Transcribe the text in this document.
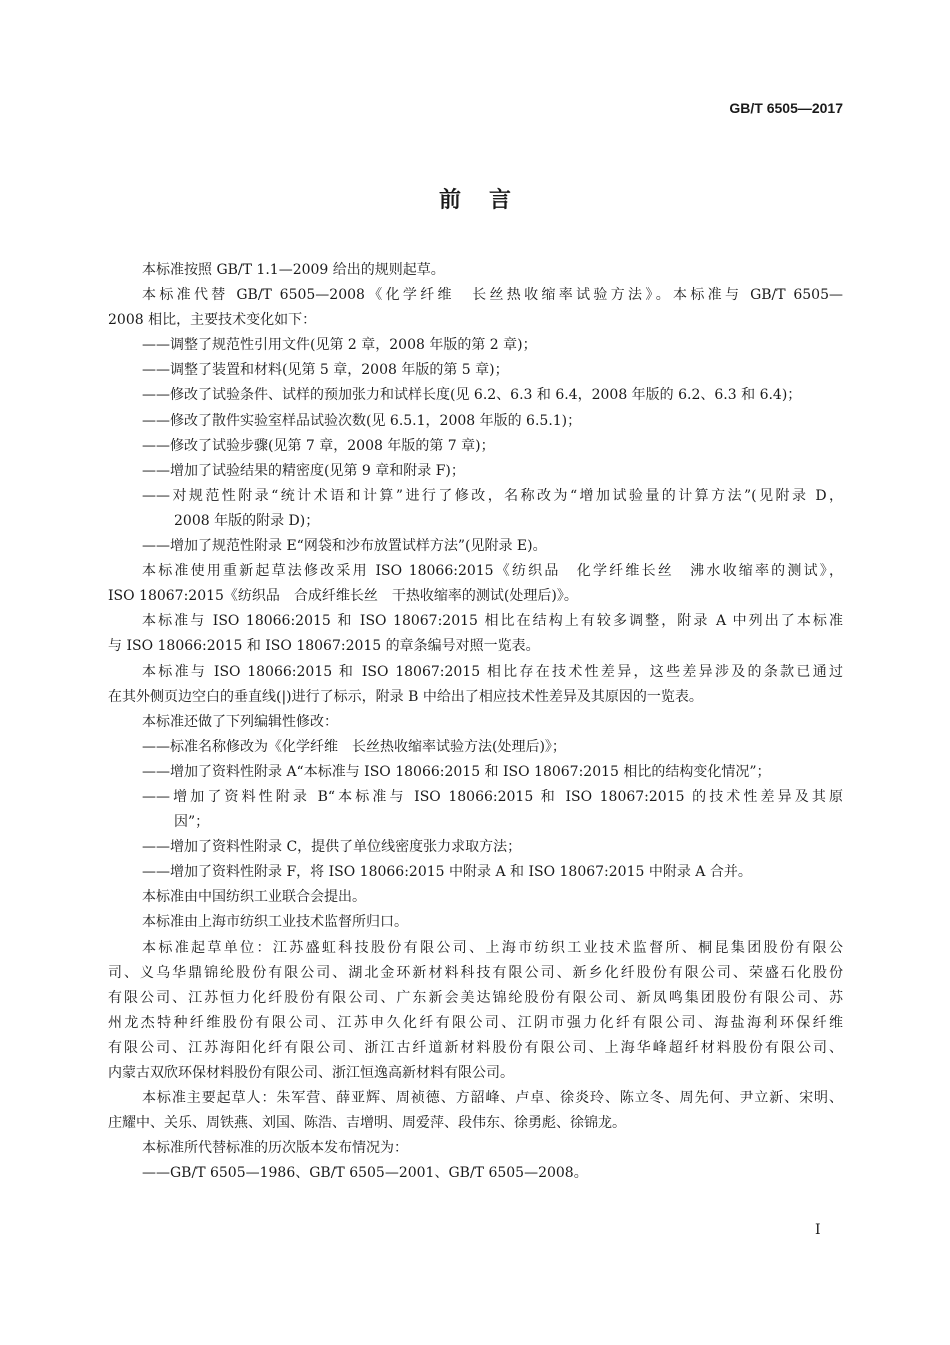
GB/T 6505—2017
前言
本标准按照 GB/T 1.1—2009 给出的规则起草。
本标准代替 GB/T 6505—2008《化学纤维　长丝热收缩率试验方法》。本标准与 GB/T 6505—
2008 相比，主要技术变化如下：
——调整了规范性引用文件(见第 2 章，2008 年版的第 2 章)；
——调整了装置和材料(见第 5 章，2008 年版的第 5 章)；
——修改了试验条件、试样的预加张力和试样长度(见 6.2、6.3 和 6.4，2008 年版的 6.2、6.3 和 6.4)；
——修改了散件实验室样品试验次数(见 6.5.1，2008 年版的 6.5.1)；
——修改了试验步骤(见第 7 章，2008 年版的第 7 章)；
——增加了试验结果的精密度(见第 9 章和附录 F)；
——对规范性附录“统计术语和计算”进行了修改，名称改为“增加试验量的计算方法”(见附录 D，
2008 年版的附录 D)；
——增加了规范性附录 E“网袋和沙布放置试样方法”(见附录 E)。
本标准使用重新起草法修改采用 ISO 18066:2015《纺织品　化学纤维长丝　沸水收缩率的测试》，
ISO 18067:2015《纺织品　合成纤维长丝　干热收缩率的测试(处理后)》。
本标准与 ISO 18066:2015 和 ISO 18067:2015 相比在结构上有较多调整，附录 A 中列出了本标准
与 ISO 18066:2015 和 ISO 18067:2015 的章条编号对照一览表。
本标准与 ISO 18066:2015 和 ISO 18067:2015 相比存在技术性差异，这些差异涉及的条款已通过
在其外侧页边空白的垂直线(|)进行了标示，附录 B 中给出了相应技术性差异及其原因的一览表。
本标准还做了下列编辑性修改：
——标准名称修改为《化学纤维　长丝热收缩率试验方法(处理后)》；
——增加了资料性附录 A“本标准与 ISO 18066:2015 和 ISO 18067:2015 相比的结构变化情况”；
——增加了资料性附录 B“本标准与 ISO 18066:2015 和 ISO 18067:2015 的技术性差异及其原
因”；
——增加了资料性附录 C，提供了单位线密度张力求取方法；
——增加了资料性附录 F，将 ISO 18066:2015 中附录 A 和 ISO 18067:2015 中附录 A 合并。
本标准由中国纺织工业联合会提出。
本标准由上海市纺织工业技术监督所归口。
本标准起草单位：江苏盛虹科技股份有限公司、上海市纺织工业技术监督所、桐昆集团股份有限公
司、义乌华鼎锦纶股份有限公司、湖北金环新材料科技有限公司、新乡化纤股份有限公司、荣盛石化股份
有限公司、江苏恒力化纤股份有限公司、广东新会美达锦纶股份有限公司、新凤鸣集团股份有限公司、苏
州龙杰特种纤维股份有限公司、江苏申久化纤有限公司、江阴市强力化纤有限公司、海盐海利环保纤维
有限公司、江苏海阳化纤有限公司、浙江古纤道新材料股份有限公司、上海华峰超纤材料股份有限公司、
内蒙古双欣环保材料股份有限公司、浙江恒逸高新材料有限公司。
本标准主要起草人：朱军营、薛亚辉、周祯德、方韶峰、卢卓、徐炎玲、陈立冬、周先何、尹立新、宋明、
庄耀中、关乐、周铁燕、刘国、陈浩、吉增明、周爱萍、段伟东、徐勇彪、徐锦龙。
本标准所代替标准的历次版本发布情况为：
——GB/T 6505—1986、GB/T 6505—2001、GB/T 6505—2008。
I
